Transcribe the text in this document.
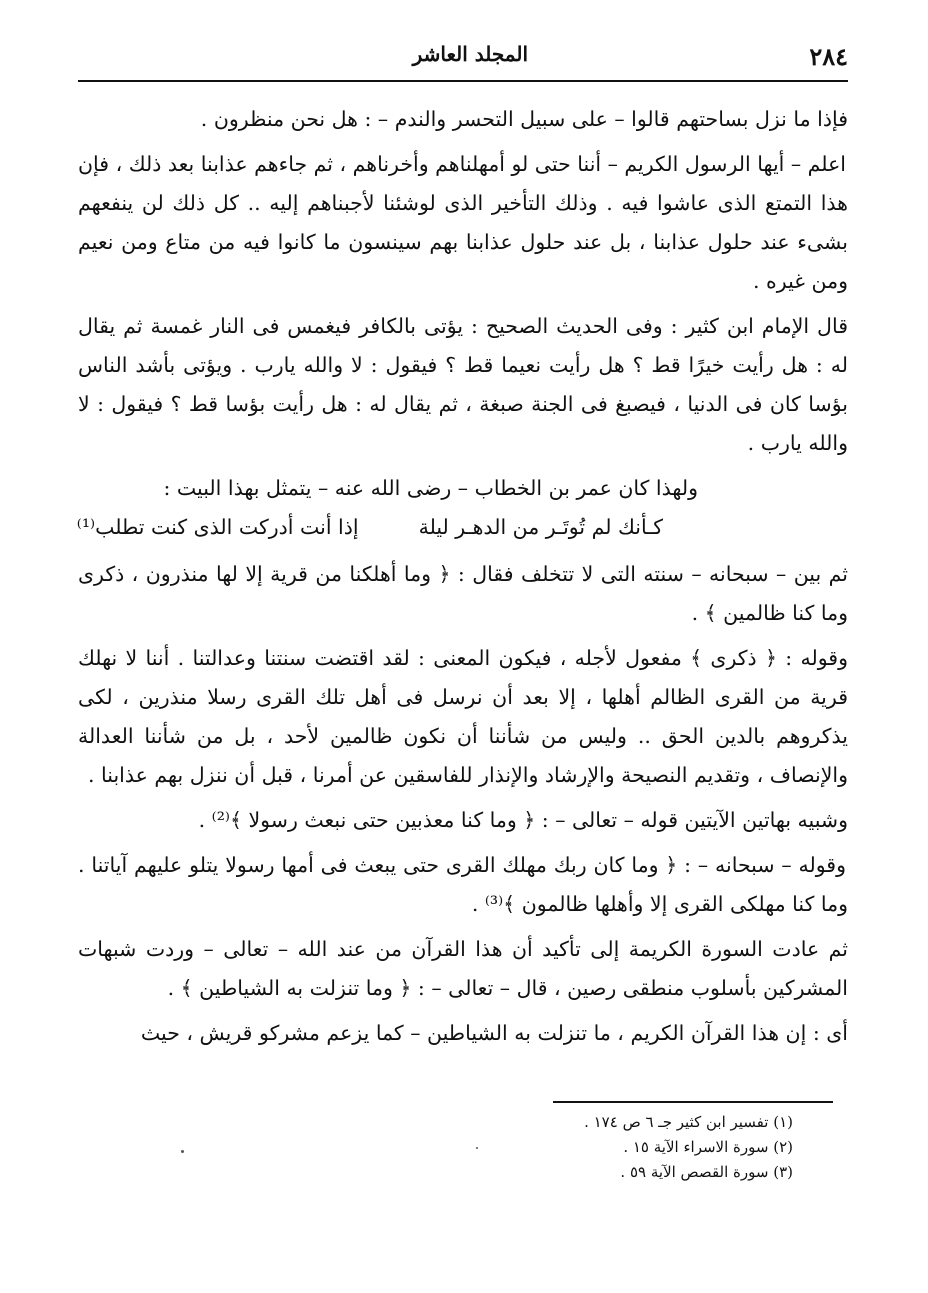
٢٨٤
المجلد العاشر

فإذا ما نزل بساحتهم قالوا – على سبيل التحسر والندم – : هل نحن منظرون .

اعلم – أيها الرسول الكريم – أننا حتى لو أمهلناهم وأخرناهم ، ثم جاءهم عذابنا بعد ذلك ، فإن هذا التمتع الذى عاشوا فيه . وذلك التأخير الذى لوشئنا لأجبناهم إليه .. كل ذلك لن ينفعهم بشىء عند حلول عذابنا ، بل عند حلول عذابنا بهم سينسون ما كانوا فيه من متاع ومن نعيم ومن غيره .

قال الإمام ابن كثير : وفى الحديث الصحيح : يؤتى بالكافر فيغمس فى النار غمسة ثم يقال له : هل رأيت خيرًا قط ؟ هل رأيت نعيما قط ؟ فيقول : لا والله يارب . ويؤتى بأشد الناس بؤسا كان فى الدنيا ، فيصبغ فى الجنة صبغة ، ثم يقال له : هل رأيت بؤسا قط ؟ فيقول : لا والله يارب .

ولهذا كان عمر بن الخطاب – رضى الله عنه – يتمثل بهذا البيت :

كـأنك لم تُوتَـر من الدهـر ليلة
إذا أنت أدركت الذى كنت تطلب⁽¹⁾

ثم بين – سبحانه – سنته التى لا تتخلف فقال : ﴿ وما أهلكنا من قرية إلا لها منذرون ، ذكرى وما كنا ظالمين ﴾ .

وقوله : ﴿ ذكرى ﴾ مفعول لأجله ، فيكون المعنى : لقد اقتضت سنتنا وعدالتنا . أننا لا نهلك قرية من القرى الظالم أهلها ، إلا بعد أن نرسل فى أهل تلك القرى رسلا منذرين ، لكى يذكروهم بالدين الحق .. وليس من شأننا أن نكون ظالمين لأحد ، بل من شأننا العدالة والإنصاف ، وتقديم النصيحة والإرشاد والإنذار للفاسقين عن أمرنا ، قبل أن ننزل بهم عذابنا .

وشبيه بهاتين الآيتين قوله – تعالى – : ﴿ وما كنا معذبين حتى نبعث رسولا ﴾⁽²⁾ .

وقوله – سبحانه – : ﴿ وما كان ربك مهلك القرى حتى يبعث فى أمها رسولا يتلو عليهم آياتنا . وما كنا مهلكى القرى إلا وأهلها ظالمون ﴾⁽³⁾ .

ثم عادت السورة الكريمة إلى تأكيد أن هذا القرآن من عند الله – تعالى – وردت شبهات المشركين بأسلوب منطقى رصين ، قال – تعالى – : ﴿ وما تنزلت به الشياطين ﴾ .

أى : إن هذا القرآن الكريم ، ما تنزلت به الشياطين – كما يزعم مشركو قريش ، حيث

(١) تفسير ابن كثير جـ ٦ ص ١٧٤ .
(٢) سورة الاسراء الآية ١٥ .
(٣) سورة القصص الآية ٥٩ .
